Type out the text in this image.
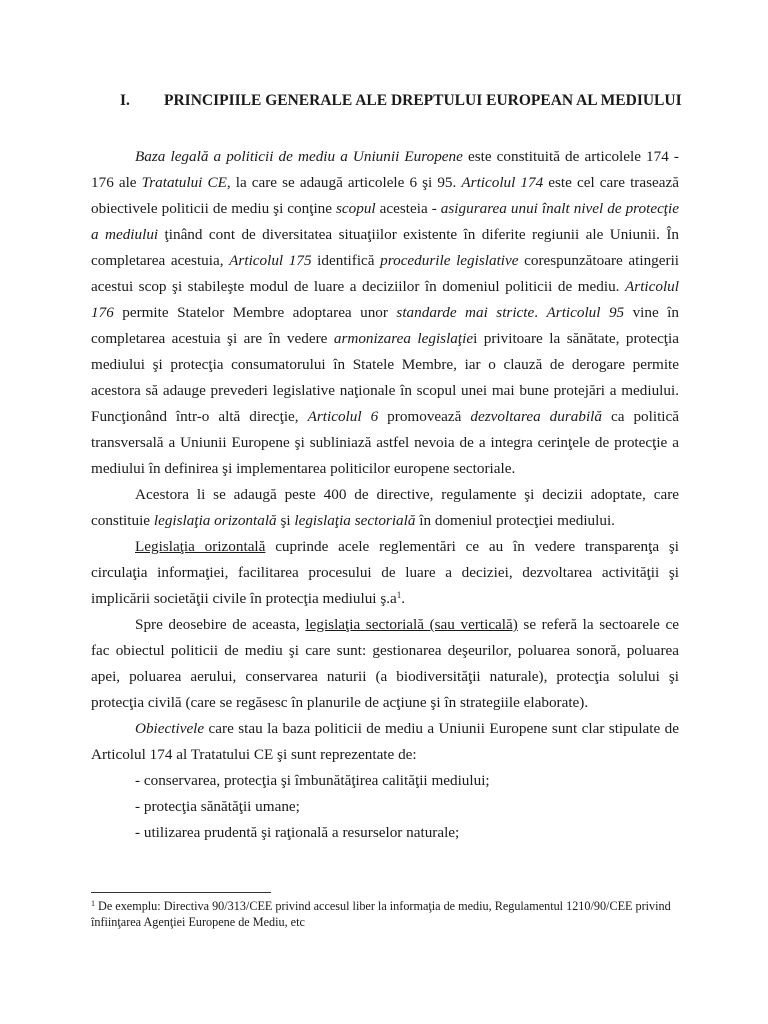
I. PRINCIPIILE GENERALE ALE DREPTULUI EUROPEAN AL MEDIULUI

Baza legală a politicii de mediu a Uniunii Europene este constituită de articolele 174 - 176 ale Tratatului CE, la care se adaugă articolele 6 şi 95. Articolul 174 este cel care trasează obiectivele politicii de mediu şi conţine scopul acesteia - asigurarea unui înalt nivel de protecţie a mediului ţinând cont de diversitatea situaţiilor existente în diferite regiunii ale Uniunii. În completarea acestuia, Articolul 175 identifică procedurile legislative corespunzătoare atingerii acestui scop şi stabileşte modul de luare a deciziilor în domeniul politicii de mediu. Articolul 176 permite Statelor Membre adoptarea unor standarde mai stricte. Articolul 95 vine în completarea acestuia şi are în vedere armonizarea legislaţiei privitoare la sănătate, protecţia mediului şi protecţia consumatorului în Statele Membre, iar o clauză de derogare permite acestora să adauge prevederi legislative naţionale în scopul unei mai bune protejări a mediului. Funcţionând într-o altă direcţie, Articolul 6 promovează dezvoltarea durabilă ca politică transversală a Uniunii Europene şi subliniază astfel nevoia de a integra cerinţele de protecţie a mediului în definirea şi implementarea politicilor europene sectoriale.

Acestora li se adaugă peste 400 de directive, regulamente şi decizii adoptate, care constituie legislaţia orizontală şi legislaţia sectorială în domeniul protecţiei mediului.

Legislaţia orizontală cuprinde acele reglementări ce au în vedere transparenţa şi circulaţia informaţiei, facilitarea procesului de luare a deciziei, dezvoltarea activităţii şi implicării societăţii civile în protecţia mediului $ş.a^1$.

Spre deosebire de aceasta, legislaţia sectorială (sau verticală) se referă la sectoarele ce fac obiectul politicii de mediu şi care sunt: gestionarea deşeurilor, poluarea sonoră, poluarea apei, poluarea aerului, conservarea naturii (a biodiversităţii naturale), protecţia solului şi protecţia civilă (care se regăsesc în planurile de acţiune şi în strategiile elaborate).

Obiectivele care stau la baza politicii de mediu a Uniunii Europene sunt clar stipulate de Articolul 174 al Tratatului CE şi sunt reprezentate de:

- conservarea, protecţia şi îmbunătăţirea calităţii mediului;

- protecţia sănătăţii umane;

- utilizarea prudentă şi raţională a resurselor naturale;

$^1$ De exemplu: Directiva 90/313/CEE privind accesul liber la informaţia de mediu, Regulamentul 1210/90/CEE privind înfiinţarea Agenţiei Europene de Mediu, etc
